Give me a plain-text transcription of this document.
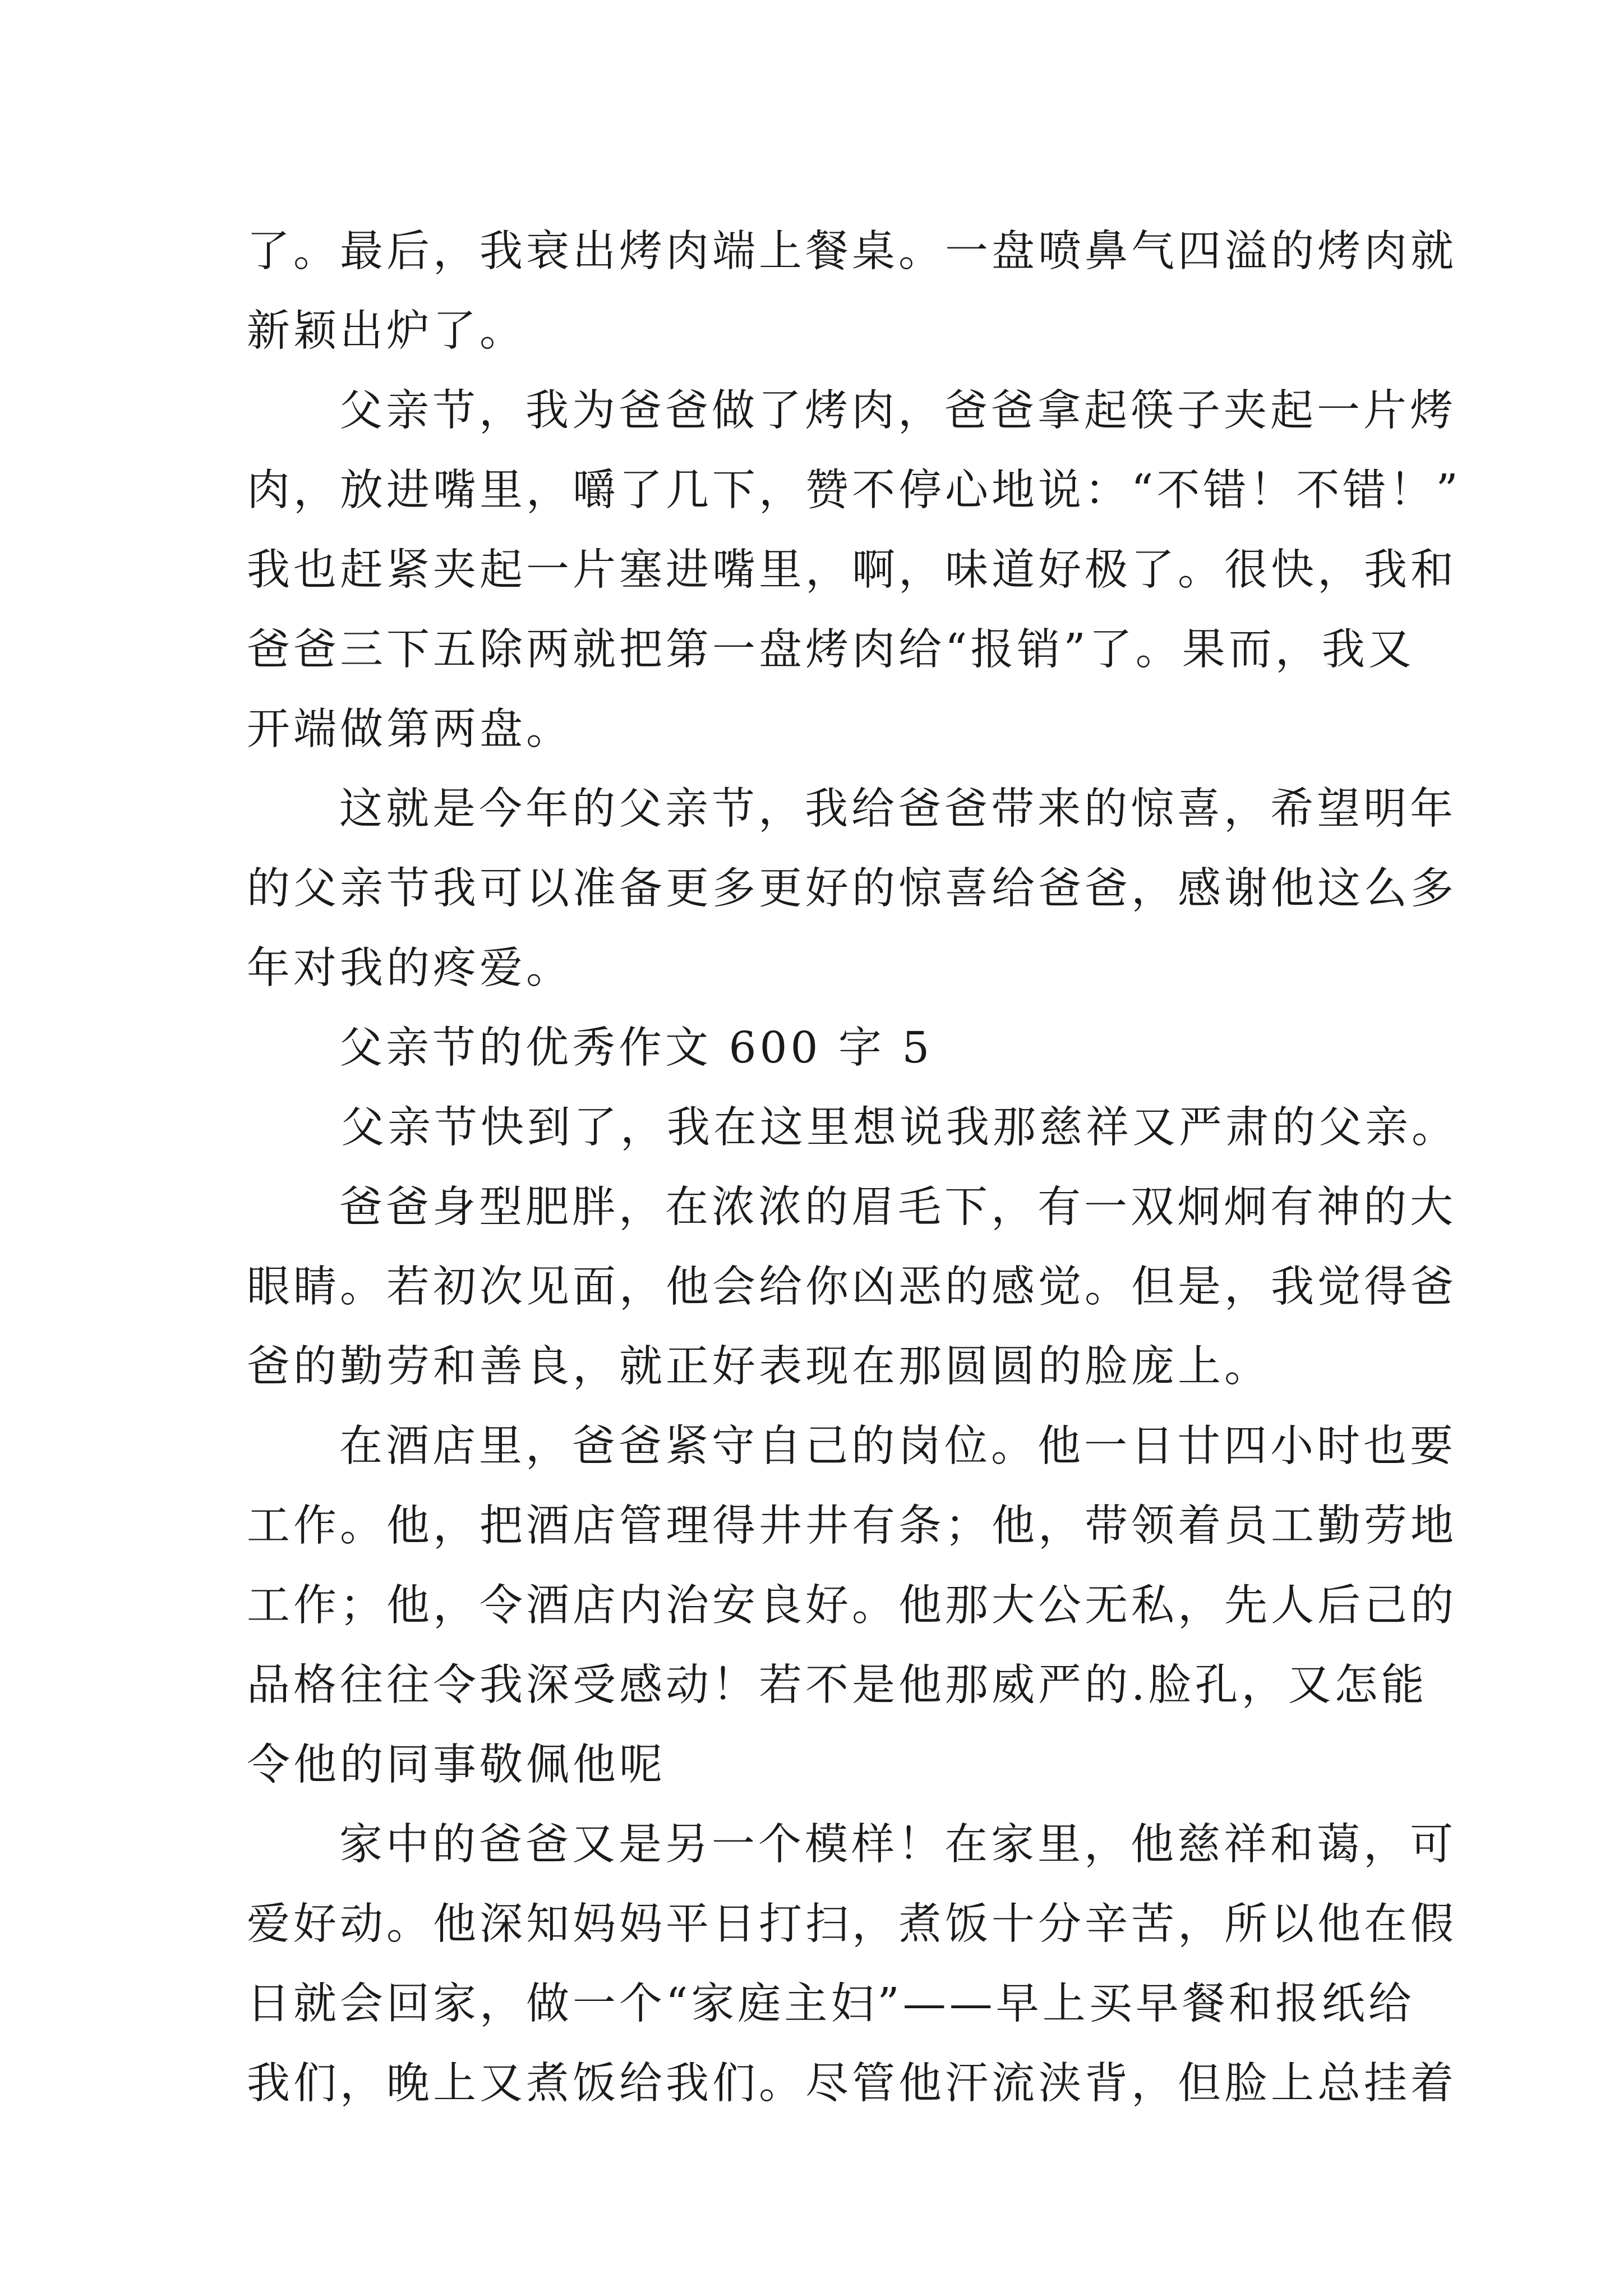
了。最后，我衰出烤肉端上餐桌。一盘喷鼻气四溢的烤肉就
新颖出炉了。
父亲节，我为爸爸做了烤肉，爸爸拿起筷子夹起一片烤
肉，放进嘴里，嚼了几下，赞不停心地说：“不错！不错！”
我也赶紧夹起一片塞进嘴里，啊，味道好极了。很快，我和
爸爸三下五除两就把第一盘烤肉给“报销”了。果而，我又
开端做第两盘。
这就是今年的父亲节，我给爸爸带来的惊喜，希望明年
的父亲节我可以准备更多更好的惊喜给爸爸，感谢他这么多
年对我的疼爱。
父亲节的优秀作文 600 字 5
父亲节快到了，我在这里想说我那慈祥又严肃的父亲。
爸爸身型肥胖，在浓浓的眉毛下，有一双炯炯有神的大
眼睛。若初次见面，他会给你凶恶的感觉。但是，我觉得爸
爸的勤劳和善良，就正好表现在那圆圆的脸庞上。
在酒店里，爸爸紧守自己的岗位。他一日廿四小时也要
工作。他，把酒店管理得井井有条；他，带领着员工勤劳地
工作；他，令酒店内治安良好。他那大公无私，先人后己的
品格往往令我深受感动！若不是他那威严的.脸孔，又怎能
令他的同事敬佩他呢
家中的爸爸又是另一个模样！在家里，他慈祥和蔼，可
爱好动。他深知妈妈平日打扫，煮饭十分辛苦，所以他在假
日就会回家，做一个“家庭主妇”——早上买早餐和报纸给
我们，晚上又煮饭给我们。尽管他汗流浃背，但脸上总挂着
